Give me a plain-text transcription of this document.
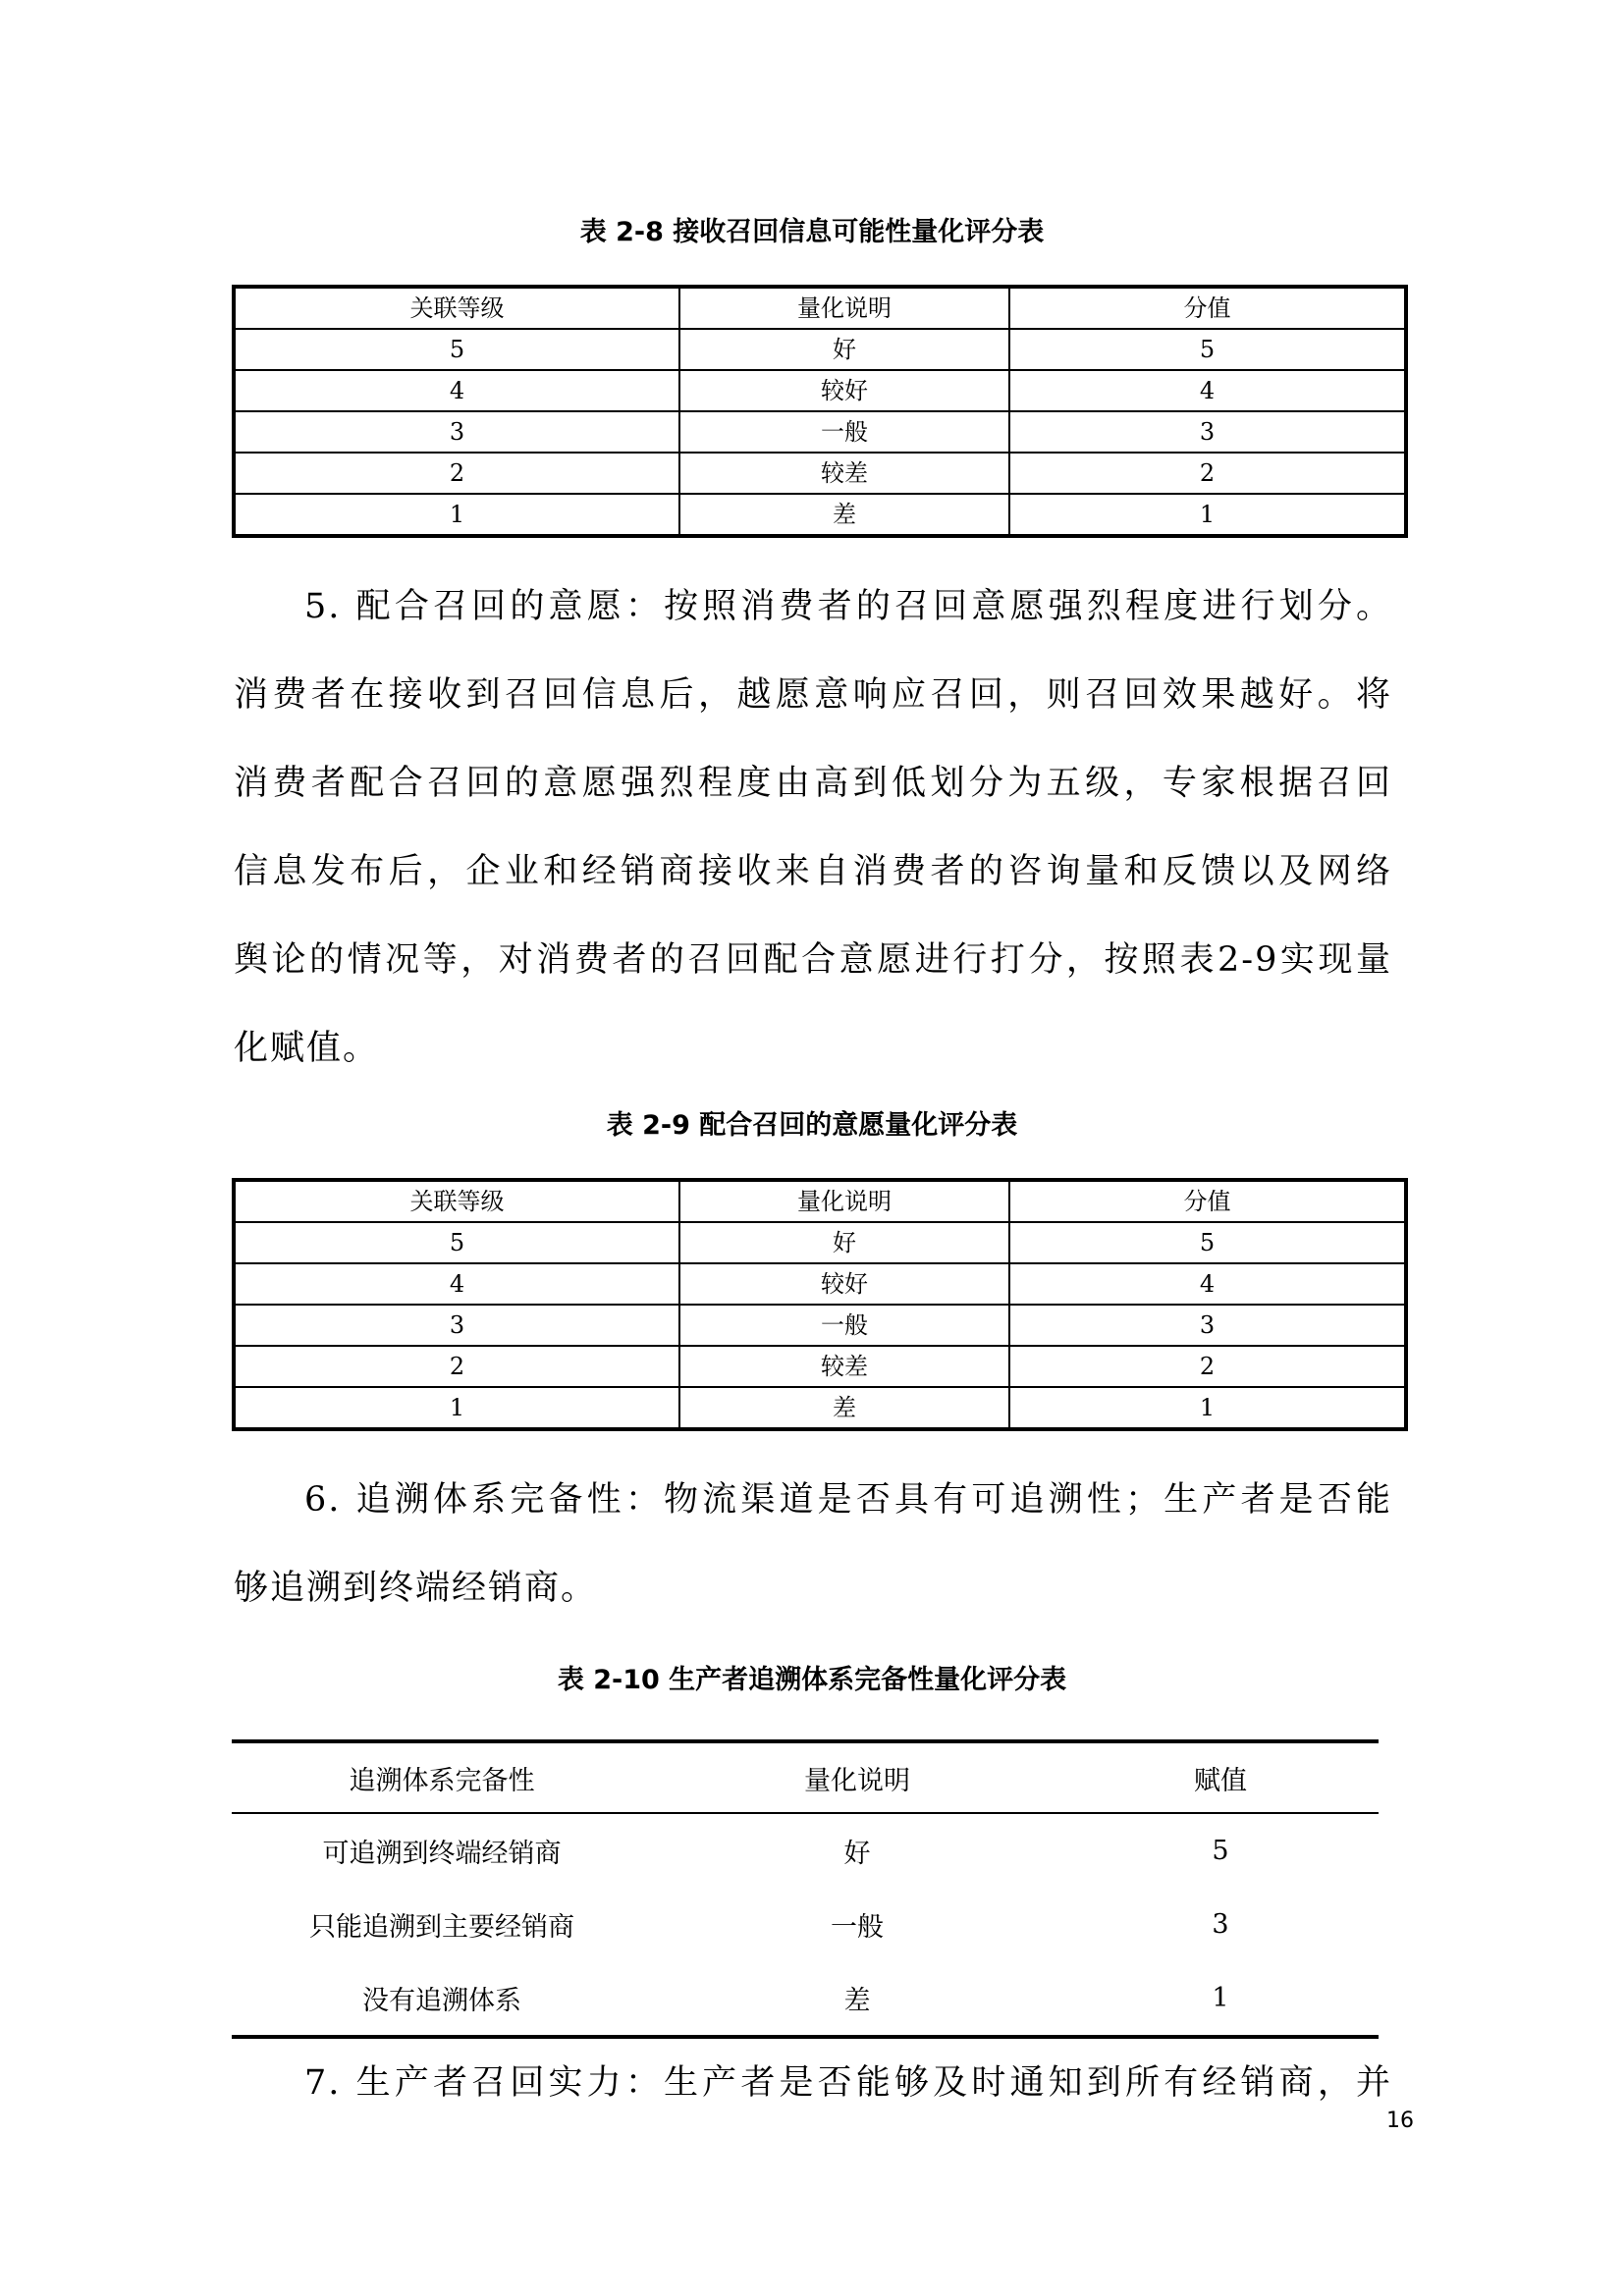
表 2-8 接收召回信息可能性量化评分表

关联等级	量化说明	分值
5	好	5
4	较好	4
3	一般	3
2	较差	2
1	差	1
5. 配合召回的意愿：按照消费者的召回意愿强烈程度进行划分。
消费者在接收到召回信息后，越愿意响应召回，则召回效果越好。将
消费者配合召回的意愿强烈程度由高到低划分为五级，专家根据召回
信息发布后，企业和经销商接收来自消费者的咨询量和反馈以及网络
舆论的情况等，对消费者的召回配合意愿进行打分，按照表2-9实现量
化赋值。

表 2-9 配合召回的意愿量化评分表

关联等级	量化说明	分值
5	好	5
4	较好	4
3	一般	3
2	较差	2
1	差	1
6. 追溯体系完备性：物流渠道是否具有可追溯性；生产者是否能
够追溯到终端经销商。

表 2-10 生产者追溯体系完备性量化评分表

追溯体系完备性	量化说明	赋值
可追溯到终端经销商	好	5
只能追溯到主要经销商	一般	3
没有追溯体系	差	1
7. 生产者召回实力：生产者是否能够及时通知到所有经销商，并
16
